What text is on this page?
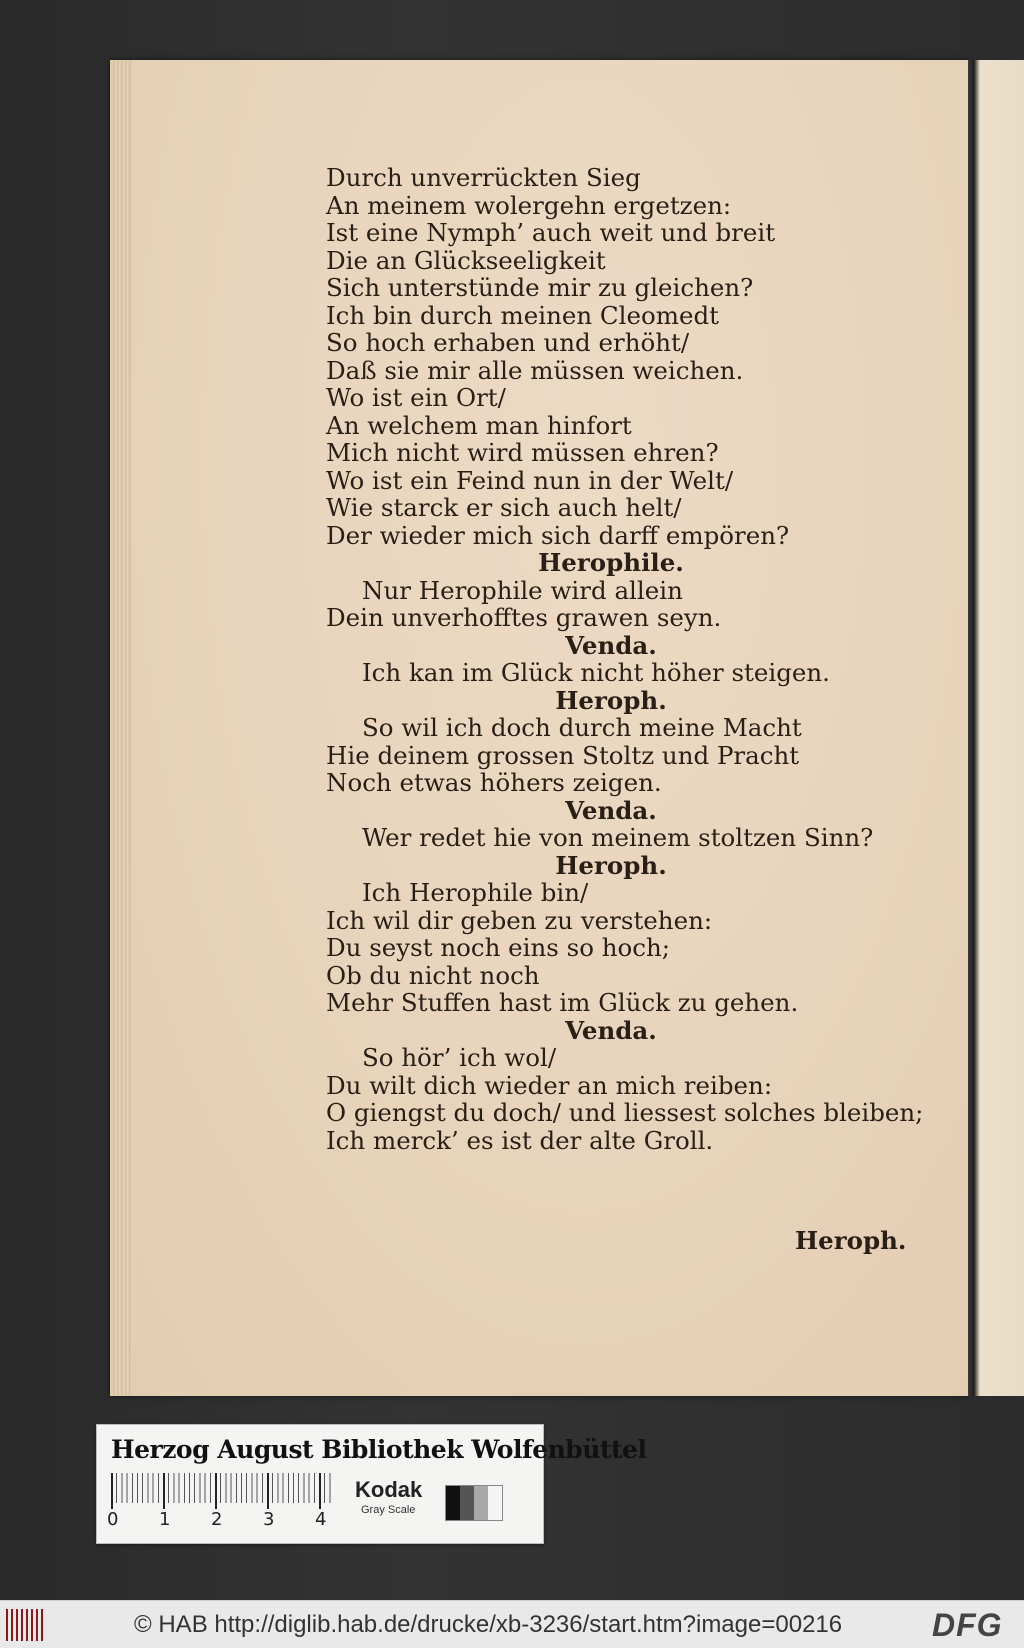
Durch unverrückten Sieg
An meinem wolergehn ergetzen:
Ist eine Nymph’ auch weit und breit
Die an Glückseeligkeit
Sich unterstünde mir zu gleichen?
Ich bin durch meinen Cleomedt
So hoch erhaben und erhöht/
Daß sie mir alle müssen weichen.
Wo ist ein Ort/
An welchem man hinfort
Mich nicht wird müssen ehren?
Wo ist ein Feind nun in der Welt/
Wie starck er sich auch helt/
Der wieder mich sich darff empören?
Herophile.
Nur Herophile wird allein
Dein unverhofftes grawen seyn.
Venda.
Ich kan im Glück nicht höher steigen.
Heroph.
So wil ich doch durch meine Macht
Hie deinem grossen Stoltz und Pracht
Noch etwas höhers zeigen.
Venda.
Wer redet hie von meinem stoltzen Sinn?
Heroph.
Ich Herophile bin/
Ich wil dir geben zu verstehen:
Du seyst noch eins so hoch;
Ob du nicht noch
Mehr Stuffen hast im Glück zu gehen.
Venda.
So hör’ ich wol/
Du wilt dich wieder an mich reiben:
O giengst du doch/ und liessest solches bleiben;
Ich merck’ es ist der alte Groll.
Heroph.
Herzog August Bibliothek Wolfenbüttel
0 1 2 3 4
Kodak
Gray Scale
© HAB http://diglib.hab.de/drucke/xb-3236/start.htm?image=00216	DFG
